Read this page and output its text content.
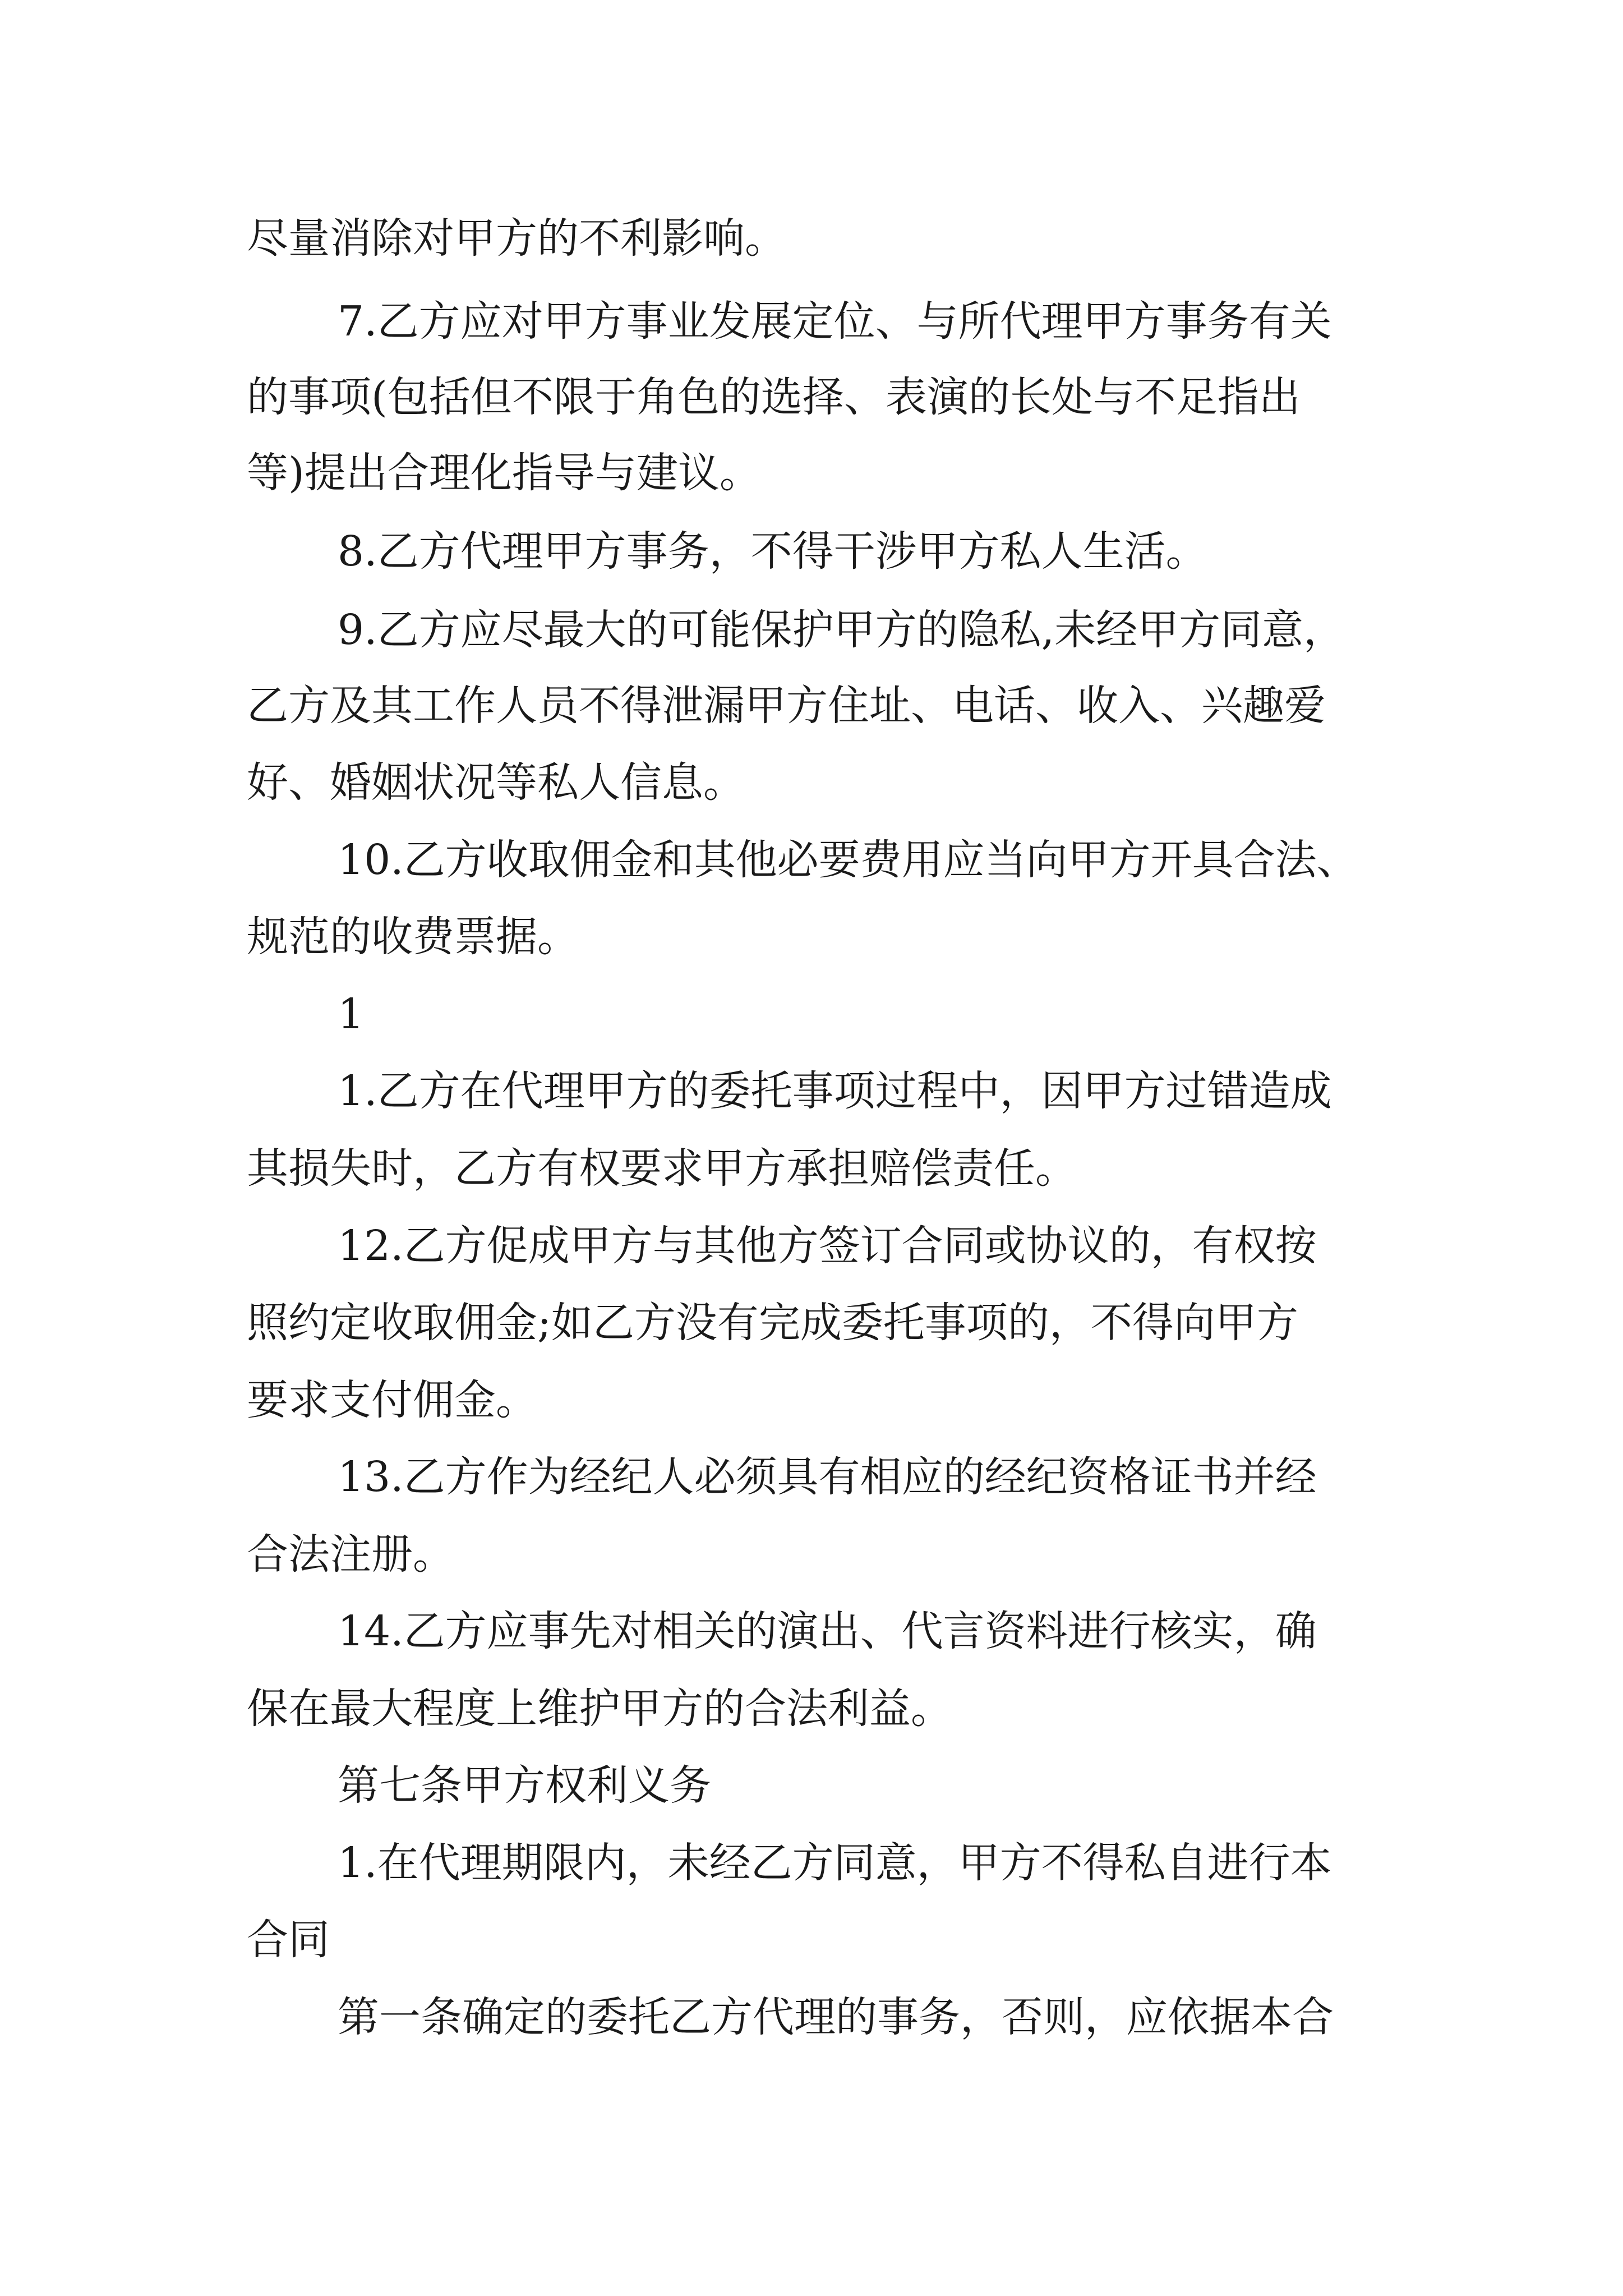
尽量消除对甲方的不利影响。
7.乙方应对甲方事业发展定位、与所代理甲方事务有关
的事项(包括但不限于角色的选择、表演的长处与不足指出
等)提出合理化指导与建议。
8.乙方代理甲方事务，不得干涉甲方私人生活。
9.乙方应尽最大的可能保护甲方的隐私,未经甲方同意，
乙方及其工作人员不得泄漏甲方住址、电话、收入、兴趣爱
好、婚姻状况等私人信息。
10.乙方收取佣金和其他必要费用应当向甲方开具合法、
规范的收费票据。
1
1.乙方在代理甲方的委托事项过程中，因甲方过错造成
其损失时，乙方有权要求甲方承担赔偿责任。
12.乙方促成甲方与其他方签订合同或协议的，有权按
照约定收取佣金;如乙方没有完成委托事项的，不得向甲方
要求支付佣金。
13.乙方作为经纪人必须具有相应的经纪资格证书并经
合法注册。
14.乙方应事先对相关的演出、代言资料进行核实，确
保在最大程度上维护甲方的合法利益。
第七条甲方权利义务
1.在代理期限内，未经乙方同意，甲方不得私自进行本
合同
第一条确定的委托乙方代理的事务，否则，应依据本合
